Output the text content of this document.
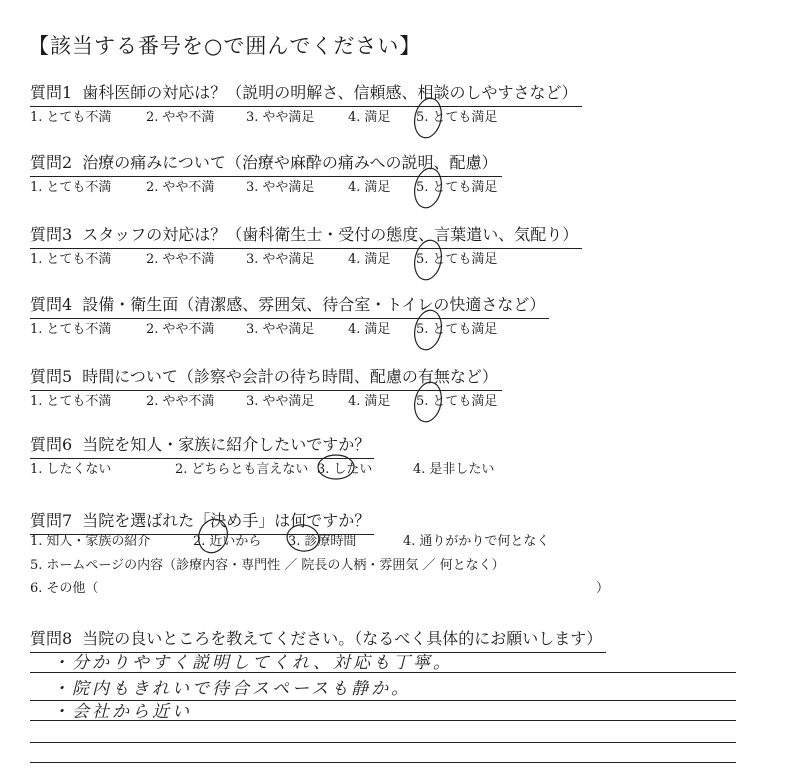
【該当する番号を○で囲んでください】
質問1 歯科医師の対応は？（説明の明解さ、信頼感、相談のしやすさなど）
1. とても不満	2. やや不満 3. やや満足	4. 満足 5. とても満足
質問2 治療の痛みについて（治療や麻酔の痛みへの説明、配慮）
1. とても不満	2. やや不満 3. やや満足	4. 満足 5. とても満足
質問3 スタッフの対応は？（歯科衛生士・受付の態度、言葉遣い、気配り）
1. とても不満	2. やや不満 3. やや満足	4. 満足 5. とても満足
質問4 設備・衛生面（清潔感、雰囲気、待合室・トイレの快適さなど）
1. とても不満	2. やや不満 3. やや満足	4. 満足 5. とても満足
質問5 時間について（診察や会計の待ち時間、配慮の有無など）
1. とても不満	2. やや不満 3. やや満足	4. 満足 5. とても満足
質問6 当院を知人・家族に紹介したいですか？
1. したくない	2. どちらとも言えない 3. したい	4. 是非したい
質問7 当院を選ばれた「決め手」は何ですか？
1. 知人・家族の紹介	2. 近いから 3. 診療時間	4. 通りがかりで何となく
5. ホームページの内容（診療内容・専門性 ／ 院長の人柄・雰囲気 ／ 何となく）
6. その他（	）
質問8 当院の良いところを教えてください。（なるべく具体的にお願いします）
・分かりやすく説明してくれ、対応も丁寧。
・院内もきれいで待合スペースも静か。
・会社から近い
